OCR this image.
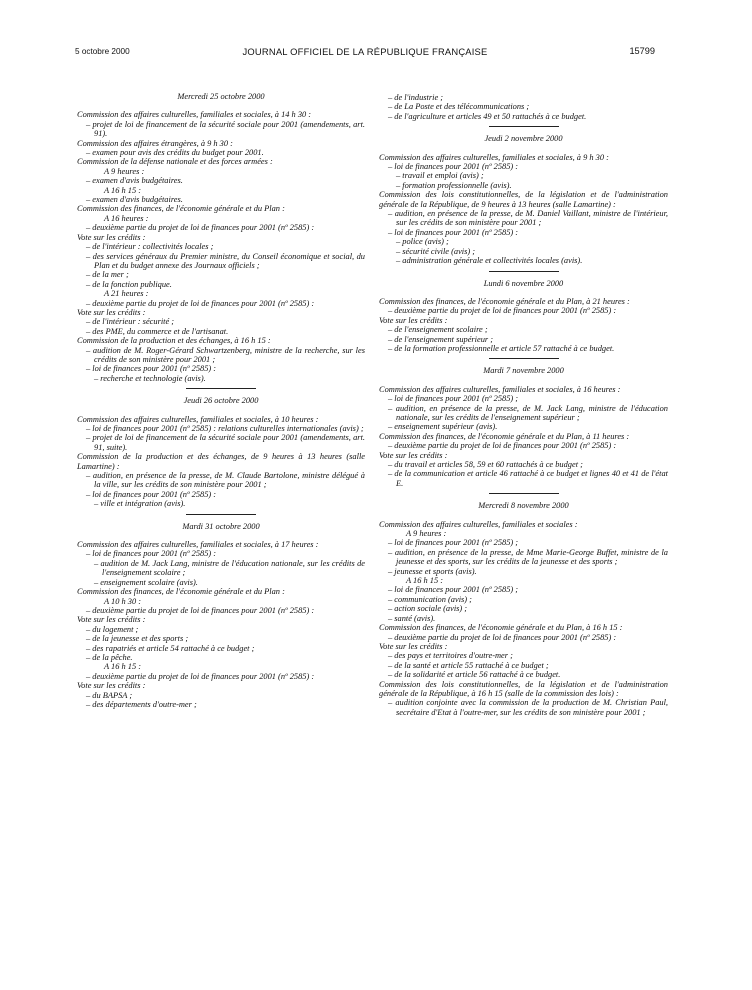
5 octobre 2000	JOURNAL OFFICIEL DE LA RÉPUBLIQUE FRANÇAISE	15799
Mercredi 25 octobre 2000
Commission des affaires culturelles, familiales et sociales, à 14 h 30 :
– projet de loi de financement de la sécurité sociale pour 2001 (amendements, art. 91).
Commission des affaires étrangères, à 9 h 30 :
– examen pour avis des crédits du budget pour 2001.
Commission de la défense nationale et des forces armées :
A 9 heures :
– examen d'avis budgétaires.
A 16 h 15 :
– examen d'avis budgétaires.
Commission des finances, de l'économie générale et du Plan :
A 16 heures :
– deuxième partie du projet de loi de finances pour 2001 (nº 2585) :
Vote sur les crédits :
– de l'intérieur : collectivités locales ;
– des services généraux du Premier ministre, du Conseil économique et social, du Plan et du budget annexe des Journaux officiels ;
– de la mer ;
– de la fonction publique.
A 21 heures :
– deuxième partie du projet de loi de finances pour 2001 (nº 2585) :
Vote sur les crédits :
– de l'intérieur : sécurité ;
– des PME, du commerce et de l'artisanat.
Commission de la production et des échanges, à 16 h 15 :
– audition de M. Roger-Gérard Schwartzenberg, ministre de la recherche, sur les crédits de son ministère pour 2001 ;
– loi de finances pour 2001 (nº 2585) :
– recherche et technologie (avis).
Jeudi 26 octobre 2000
Commission des affaires culturelles, familiales et sociales, à 10 heures :
– loi de finances pour 2001 (nº 2585) : relations culturelles internationales (avis) ;
– projet de loi de financement de la sécurité sociale pour 2001 (amendements, art. 91, suite).
Commission de la production et des échanges, de 9 heures à 13 heures (salle Lamartine) :
– audition, en présence de la presse, de M. Claude Bartolone, ministre délégué à la ville, sur les crédits de son ministère pour 2001 ;
– loi de finances pour 2001 (nº 2585) :
– ville et intégration (avis).
Mardi 31 octobre 2000
Commission des affaires culturelles, familiales et sociales, à 17 heures :
– loi de finances pour 2001 (nº 2585) :
– audition de M. Jack Lang, ministre de l'éducation nationale, sur les crédits de l'enseignement scolaire ;
– enseignement scolaire (avis).
Commission des finances, de l'économie générale et du Plan :
A 10 h 30 :
– deuxième partie du projet de loi de finances pour 2001 (nº 2585) :
Vote sur les crédits :
– du logement ;
– de la jeunesse et des sports ;
– des rapatriés et article 54 rattaché à ce budget ;
– de la pêche.
A 16 h 15 :
– deuxième partie du projet de loi de finances pour 2001 (nº 2585) :
Vote sur les crédits :
– du BAPSA ;
– des départements d'outre-mer ;
– de l'industrie ;
– de La Poste et des télécommunications ;
– de l'agriculture et articles 49 et 50 rattachés à ce budget.
Jeudi 2 novembre 2000
Commission des affaires culturelles, familiales et sociales, à 9 h 30 :
– loi de finances pour 2001 (nº 2585) :
– travail et emploi (avis) ;
– formation professionnelle (avis).
Commission des lois constitutionnelles, de la législation et de l'administration générale de la République, de 9 heures à 13 heures (salle Lamartine) :
– audition, en présence de la presse, de M. Daniel Vaillant, ministre de l'intérieur, sur les crédits de son ministère pour 2001 ;
– loi de finances pour 2001 (nº 2585) :
– police (avis) ;
– sécurité civile (avis) ;
– administration générale et collectivités locales (avis).
Lundi 6 novembre 2000
Commission des finances, de l'économie générale et du Plan, à 21 heures :
– deuxième partie du projet de loi de finances pour 2001 (nº 2585) :
Vote sur les crédits :
– de l'enseignement scolaire ;
– de l'enseignement supérieur ;
– de la formation professionnelle et article 57 rattaché à ce budget.
Mardi 7 novembre 2000
Commission des affaires culturelles, familiales et sociales, à 16 heures :
– loi de finances pour 2001 (nº 2585) ;
– audition, en présence de la presse, de M. Jack Lang, ministre de l'éducation nationale, sur les crédits de l'enseignement supérieur ;
– enseignement supérieur (avis).
Commission des finances, de l'économie générale et du Plan, à 11 heures :
– deuxième partie du projet de loi de finances pour 2001 (nº 2585) :
Vote sur les crédits :
– du travail et articles 58, 59 et 60 rattachés à ce budget ;
– de la communication et article 46 rattaché à ce budget et lignes 40 et 41 de l'état E.
Mercredi 8 novembre 2000
Commission des affaires culturelles, familiales et sociales :
A 9 heures :
– loi de finances pour 2001 (nº 2585) ;
– audition, en présence de la presse, de Mme Marie-George Buffet, ministre de la jeunesse et des sports, sur les crédits de la jeunesse et des sports ;
– jeunesse et sports (avis).
A 16 h 15 :
– loi de finances pour 2001 (nº 2585) ;
– communication (avis) ;
– action sociale (avis) ;
– santé (avis).
Commission des finances, de l'économie générale et du Plan, à 16 h 15 :
– deuxième partie du projet de loi de finances pour 2001 (nº 2585) :
Vote sur les crédits :
– des pays et territoires d'outre-mer ;
– de la santé et article 55 rattaché à ce budget ;
– de la solidarité et article 56 rattaché à ce budget.
Commission des lois constitutionnelles, de la législation et de l'administration générale de la République, à 16 h 15 (salle de la commission des lois) :
– audition conjointe avec la commission de la production de M. Christian Paul, secrétaire d'Etat à l'outre-mer, sur les crédits de son ministère pour 2001 ;
